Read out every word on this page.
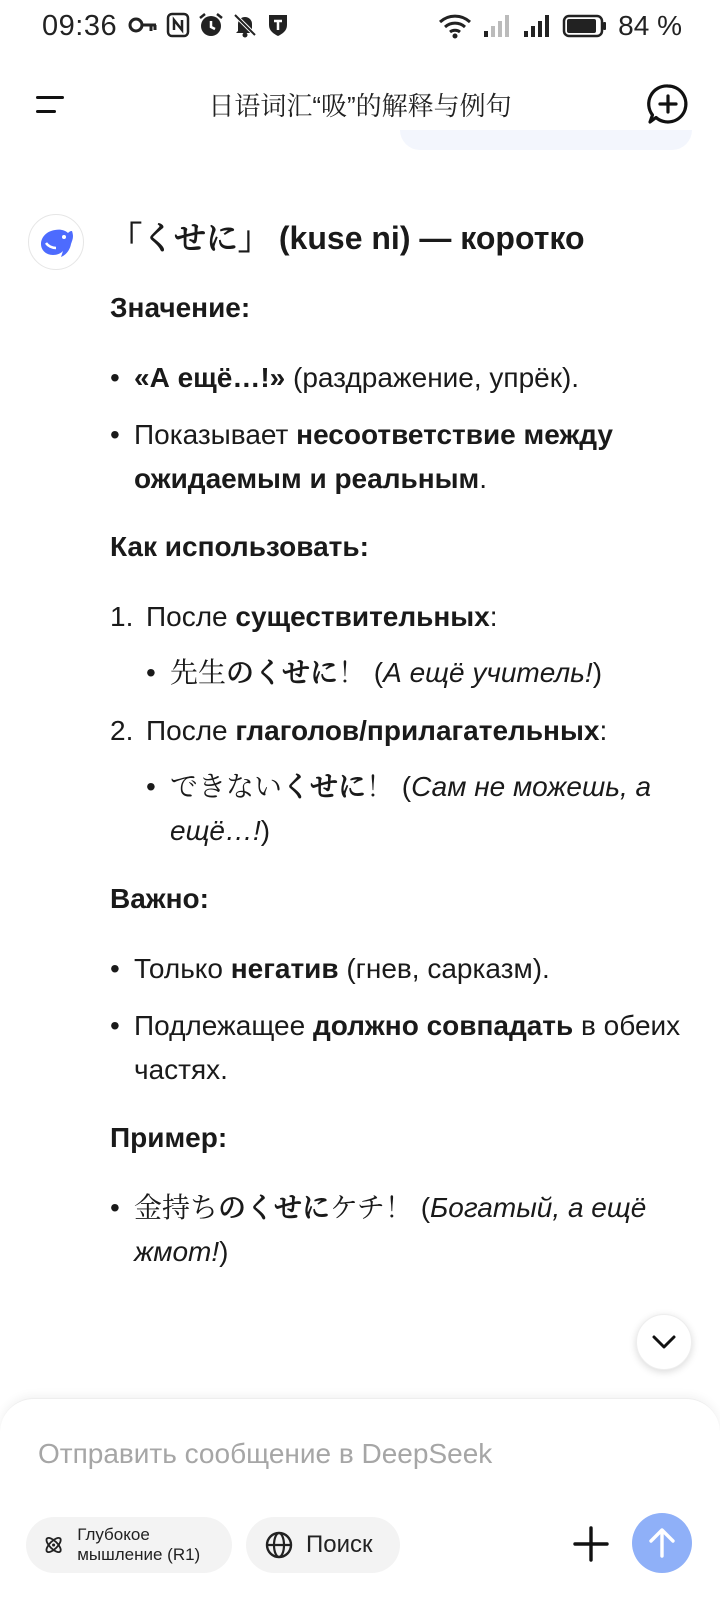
09:36	84 %
日语词汇“吸”的解释与例句
「くせに」 (kuse ni) — коротко
Значение:
• «А ещё…!» (раздражение, упрёк).
• Показывает несоответствие между ожидаемым и реальным.
Как использовать:
1. После существительных:
• 先生のくせに！ (А ещё учитель!)
2. После глаголов/прилагательных:
• できないくせに！ (Сам не можешь, а ещё…!)
Важно:
• Только негатив (гнев, сарказм).
• Подлежащее должно совпадать в обеих частях.
Пример:
• 金持ちのくせにケチ！ (Богатый, а ещё жмот!)
Отправить сообщение в DeepSeek
Глубокое мышление (R1)	Поиск
